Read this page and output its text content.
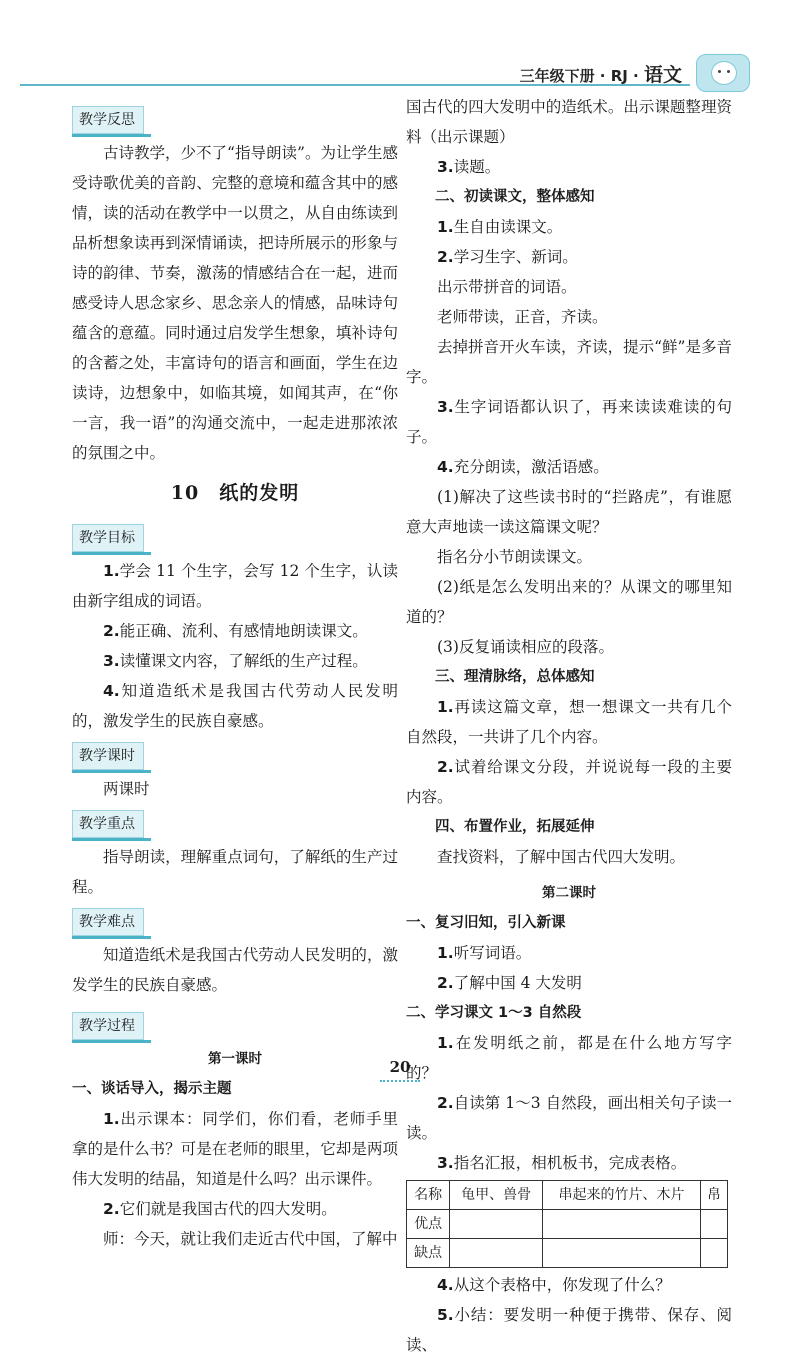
三年级下册 · RJ · 语文
教学反思

古诗教学，少不了“指导朗读”。为让学生感受诗歌优美的音韵、完整的意境和蕴含其中的感情，读的活动在教学中一以贯之，从自由练读到品析想象读再到深情诵读，把诗所展示的形象与诗的韵律、节奏，激荡的情感结合在一起，进而感受诗人思念家乡、思念亲人的情感，品味诗句蕴含的意蕴。同时通过启发学生想象，填补诗句的含蓄之处，丰富诗句的语言和画面，学生在边读诗，边想象中，如临其境，如闻其声，在“你一言，我一语”的沟通交流中，一起走进那浓浓的氛围之中。

10　纸的发明
教学目标

1.学会 11 个生字，会写 12 个生字，认读由新字组成的词语。

2.能正确、流利、有感情地朗读课文。

3.读懂课文内容，了解纸的生产过程。

4.知道造纸术是我国古代劳动人民发明的，激发学生的民族自豪感。

教学课时

两课时

教学重点

指导朗读，理解重点词句，了解纸的生产过程。

教学难点

知道造纸术是我国古代劳动人民发明的，激发学生的民族自豪感。

教学过程
第一课时

一、谈话导入，揭示主题

1.出示课本：同学们，你们看，老师手里拿的是什么书？可是在老师的眼里，它却是两项伟大发明的结晶，知道是什么吗？出示课件。

2.它们就是我国古代的四大发明。

师：今天，就让我们走近古代中国，了解中

国古代的四大发明中的造纸术。出示课题整理资料（出示课题）

3.读题。

二、初读课文，整体感知

1.生自由读课文。

2.学习生字、新词。

出示带拼音的词语。

老师带读，正音，齐读。

去掉拼音开火车读，齐读，提示“鲜”是多音字。

3.生字词语都认识了，再来读读难读的句子。

4.充分朗读，激活语感。

(1)解决了这些读书时的“拦路虎”，有谁愿意大声地读一读这篇课文呢？

指名分小节朗读课文。

(2)纸是怎么发明出来的？从课文的哪里知道的？

(3)反复诵读相应的段落。

三、理清脉络，总体感知

1.再读这篇文章，想一想课文一共有几个自然段，一共讲了几个内容。

2.试着给课文分段，并说说每一段的主要内容。

四、布置作业，拓展延伸

查找资料，了解中国古代四大发明。

第二课时

一、复习旧知，引入新课

1.听写词语。

2.了解中国 4 大发明

二、学习课文 1～3 自然段

1.在发明纸之前，都是在什么地方写字的？

2.自读第 1～3 自然段，画出相关句子读一读。

3.指名汇报，相机板书，完成表格。

名称	龟甲、兽骨	串起来的竹片、木片	帛
优点			
缺点			

4.从这个表格中，你发现了什么？

5.小结：要发明一种便于携带、保存、阅读、

20
